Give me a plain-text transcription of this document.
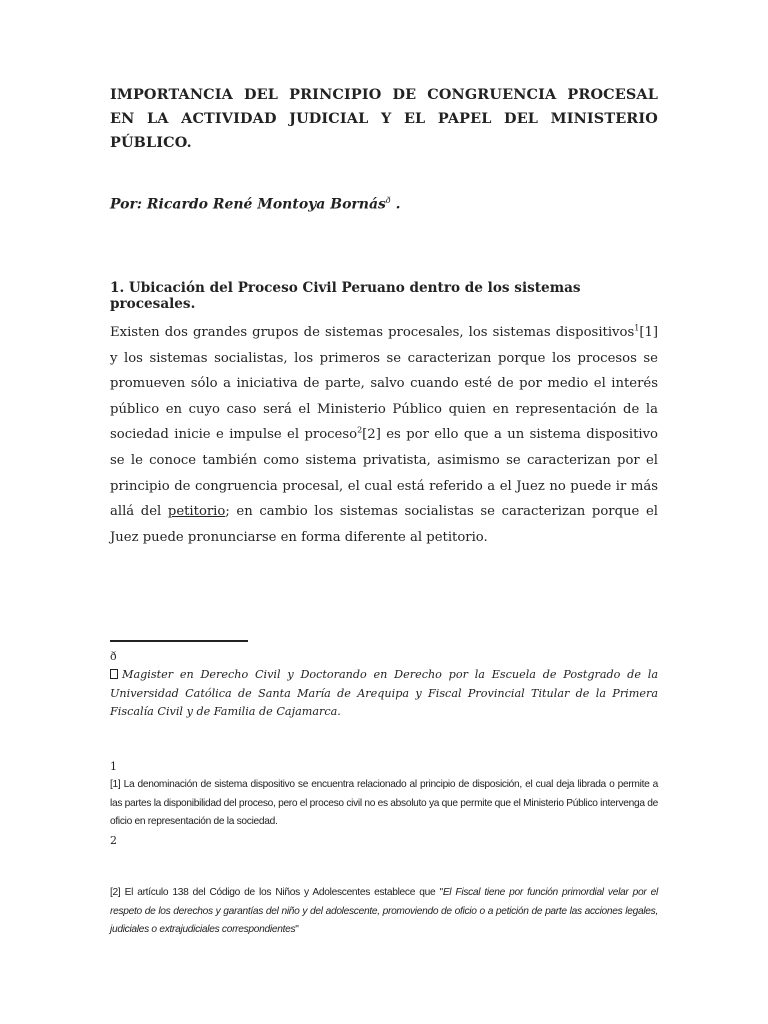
IMPORTANCIA DEL PRINCIPIO DE CONGRUENCIA PROCESAL EN LA ACTIVIDAD JUDICIAL Y EL PAPEL DEL MINISTERIO PÚBLICO.
Por: Ricardo René Montoya Bornás$^ð$ .
1. Ubicación del Proceso Civil Peruano dentro de los sistemas procesales.
Existen dos grandes grupos de sistemas procesales, los sistemas dispositivos$^1$[1] y los sistemas socialistas, los primeros se caracterizan porque los procesos se promueven sólo a iniciativa de parte, salvo cuando esté de por medio el interés público en cuyo caso será el Ministerio Público quien en representación de la sociedad inicie e impulse el proceso$^2$[2] es por ello que a un sistema dispositivo se le conoce también como sistema privatista, asimismo se caracterizan por el principio de congruencia procesal, el cual está referido a el Juez no puede ir más allá del petitorio; en cambio los sistemas socialistas se caracterizan porque el Juez puede pronunciarse en forma diferente al petitorio.
ð
Magister en Derecho Civil y Doctorando en Derecho por la Escuela de Postgrado de la Universidad Católica de Santa María de Arequipa y Fiscal Provincial Titular de la Primera Fiscalía Civil y de Familia de Cajamarca.
1
[1] La denominación de sistema dispositivo se encuentra relacionado al principio de disposición, el cual deja librada o permite a las partes la disponibilidad del proceso, pero el proceso civil no es absoluto ya que permite que el Ministerio Público intervenga de oficio en representación de la sociedad.
2
[2] El artículo 138 del Código de los Niños y Adolescentes establece que "El Fiscal tiene por función primordial velar por el respeto de los derechos y garantías del niño y del adolescente, promoviendo de oficio o a petición de parte las acciones legales, judiciales o extrajudiciales correspondientes"
